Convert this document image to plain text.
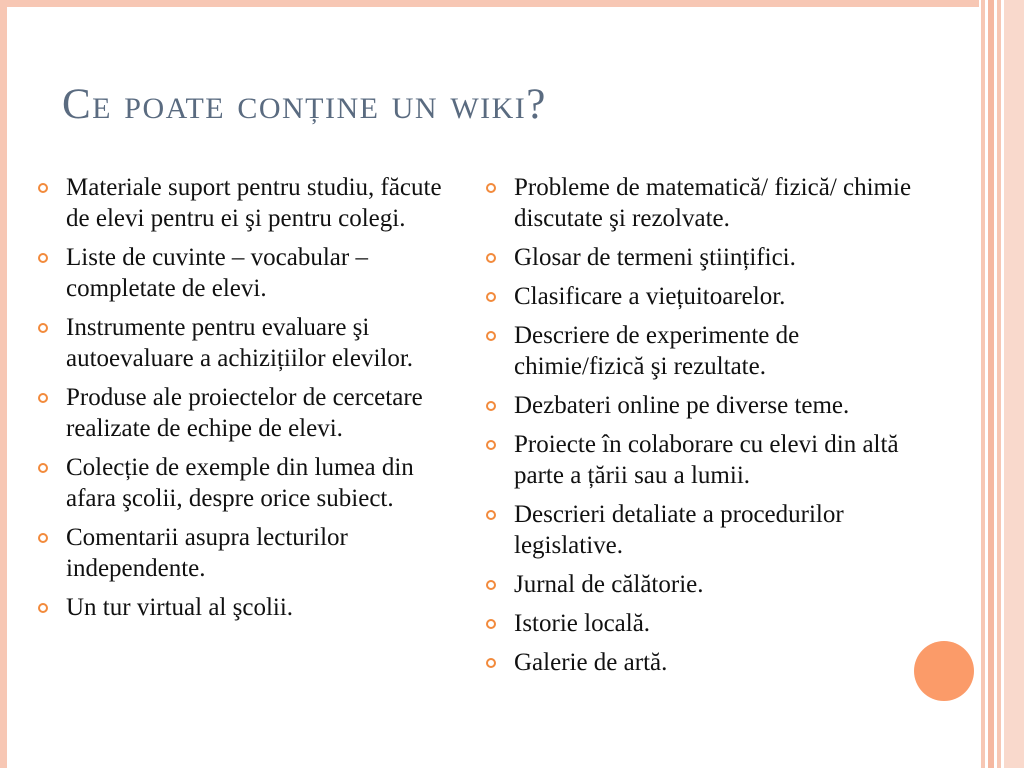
Ce poate conține un wiki?
Materiale suport pentru studiu, făcute de elevi pentru ei şi pentru colegi.
Liste de cuvinte – vocabular – completate de elevi.
Instrumente pentru evaluare şi autoevaluare a achizițiilor elevilor.
Produse ale proiectelor de cercetare realizate de echipe de elevi.
Colecție de exemple din lumea din afara şcolii, despre orice subiect.
Comentarii asupra lecturilor independente.
Un tur virtual al şcolii.
Probleme de matematică/ fizică/ chimie discutate şi rezolvate.
Glosar de termeni ştiințifici.
Clasificare a viețuitoarelor.
Descriere de experimente de chimie/fizică şi rezultate.
Dezbateri online pe diverse teme.
Proiecte în colaborare cu elevi din altă parte a țării sau a lumii.
Descrieri detaliate a procedurilor legislative.
Jurnal de călătorie.
Istorie locală.
Galerie de artă.
